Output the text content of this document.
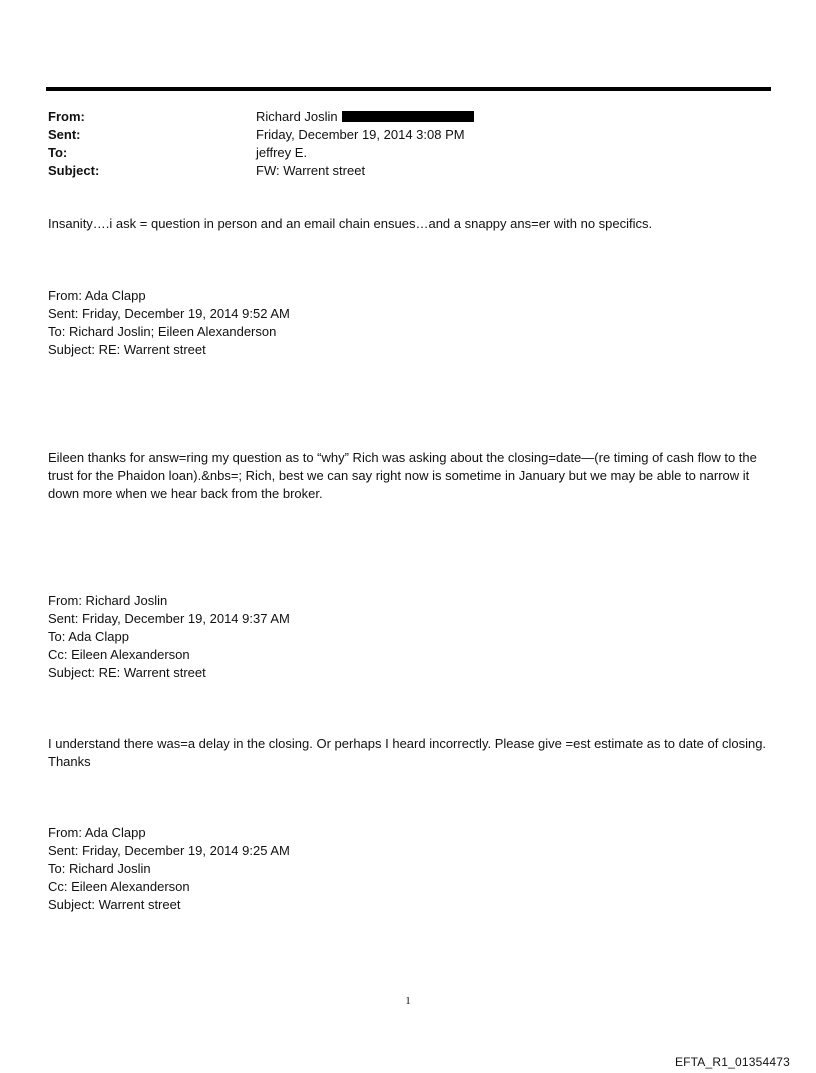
From:	Richard Joslin
Sent:	Friday, December 19, 2014 3:08 PM
To:	jeffrey E.
Subject:	FW: Warrent street

Insanity….i ask = question in person and an email chain ensues…and a snappy ans=er with no specifics.

From: Ada Clapp
Sent: Friday, December 19, 2014 9:52 AM
To: Richard Joslin; Eileen Alexanderson
Subject: RE: Warrent street

Eileen thanks for answ=ring my question as to “why” Rich was asking about the closing=date—(re timing of cash flow to the trust for the Phaidon loan).&nbs=; Rich, best we can say right now is sometime in January but we may be able to narrow it down more when we hear back from the broker.

From: Richard Joslin
Sent: Friday, December 19, 2014 9:37 AM
To: Ada Clapp
Cc: Eileen Alexanderson
Subject: RE: Warrent street

I understand there was=a delay in the closing. Or perhaps I heard incorrectly. Please give =est estimate as to date of closing. Thanks

From: Ada Clapp
Sent: Friday, December 19, 2014 9:25 AM
To: Richard Joslin
Cc: Eileen Alexanderson
Subject: Warrent street
1
EFTA_R1_01354473
